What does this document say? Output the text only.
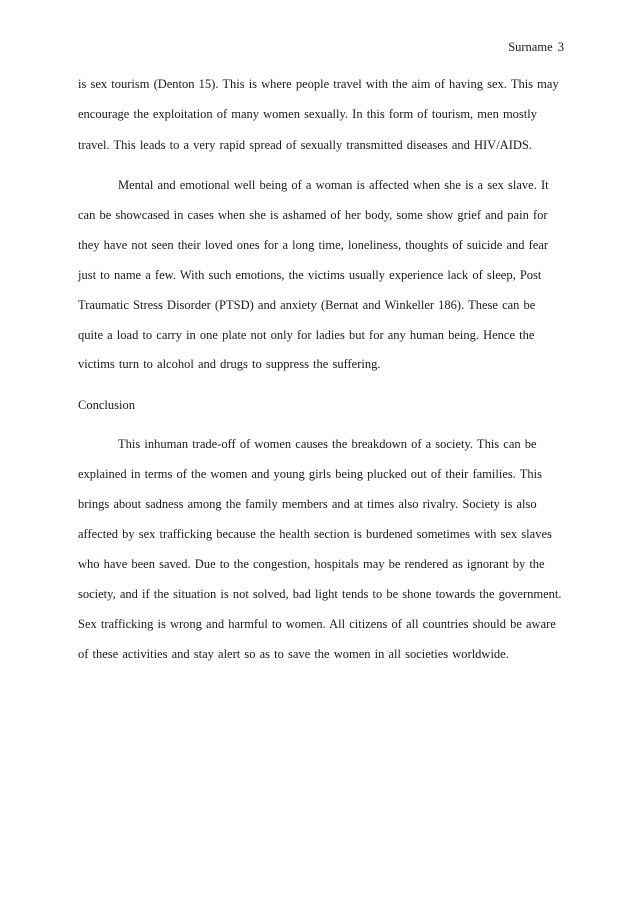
Surname 3
is sex tourism (Denton 15). This is where people travel with the aim of having sex. This may
encourage the exploitation of many women sexually. In this form of tourism, men mostly
travel. This leads to a very rapid spread of sexually transmitted diseases and HIV/AIDS.
Mental and emotional well being of a woman is affected when she is a sex slave. It
can be showcased in cases when she is ashamed of her body, some show grief and pain for
they have not seen their loved ones for a long time, loneliness, thoughts of suicide and fear
just to name a few. With such emotions, the victims usually experience lack of sleep, Post
Traumatic Stress Disorder (PTSD) and anxiety (Bernat and Winkeller 186). These can be
quite a load to carry in one plate not only for ladies but for any human being. Hence the
victims turn to alcohol and drugs to suppress the suffering.
Conclusion
This inhuman trade-off of women causes the breakdown of a society. This can be
explained in terms of the women and young girls being plucked out of their families. This
brings about sadness among the family members and at times also rivalry. Society is also
affected by sex trafficking because the health section is burdened sometimes with sex slaves
who have been saved. Due to the congestion, hospitals may be rendered as ignorant by the
society, and if the situation is not solved, bad light tends to be shone towards the government.
Sex trafficking is wrong and harmful to women. All citizens of all countries should be aware
of these activities and stay alert so as to save the women in all societies worldwide.
